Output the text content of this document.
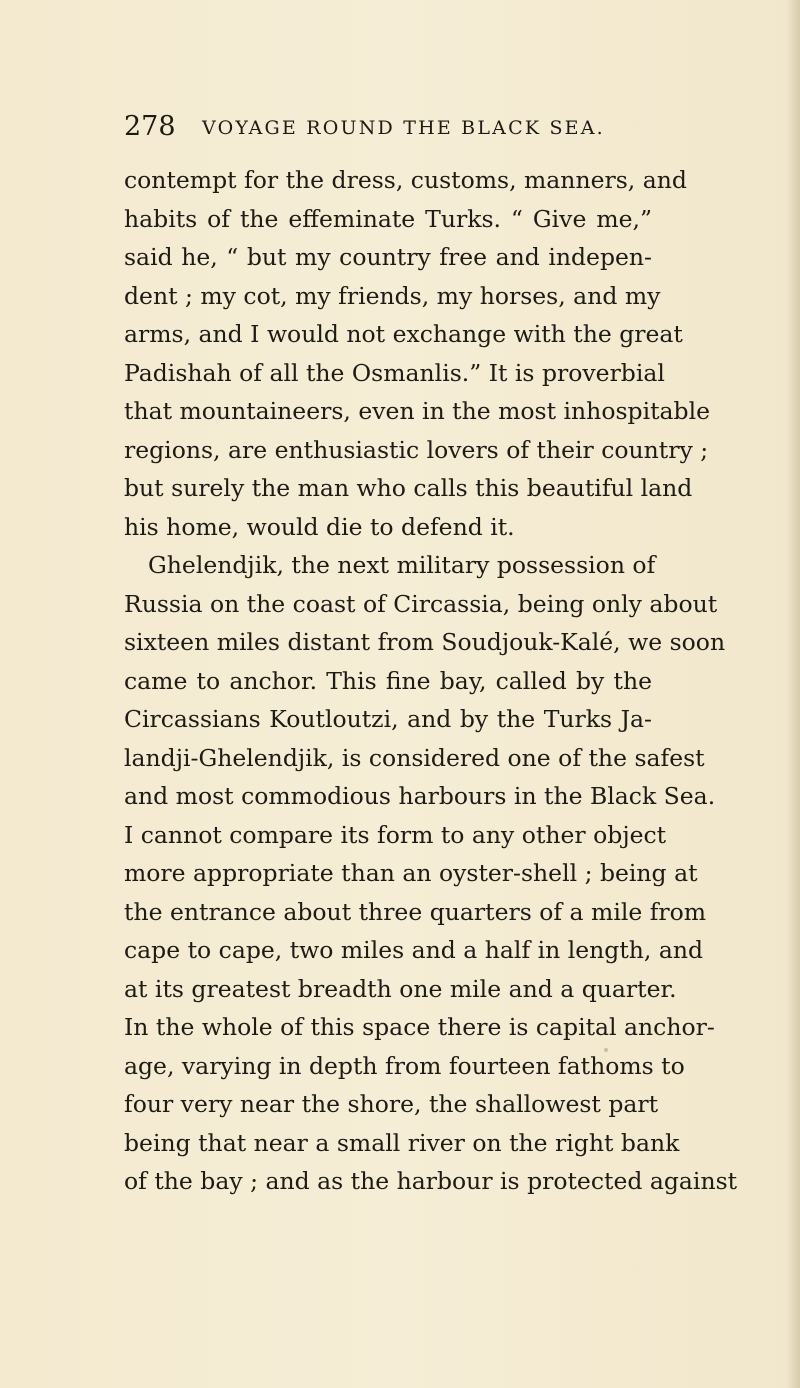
278 VOYAGE ROUND THE BLACK SEA.
contempt for the dress, customs, manners, and
habits of the effeminate Turks. “ Give me,”
said he, “ but my country free and indepen-
dent ; my cot, my friends, my horses, and my
arms, and I would not exchange with the great
Padishah of all the Osmanlis.” It is proverbial
that mountaineers, even in the most inhospitable
regions, are enthusiastic lovers of their country ;
but surely the man who calls this beautiful land
his home, would die to defend it.
Ghelendjik, the next military possession of
Russia on the coast of Circassia, being only about
sixteen miles distant from Soudjouk-Kalé, we soon
came to anchor. This fine bay, called by the
Circassians Koutloutzi, and by the Turks Ja-
landji-Ghelendjik, is considered one of the safest
and most commodious harbours in the Black Sea.
I cannot compare its form to any other object
more appropriate than an oyster-shell ; being at
the entrance about three quarters of a mile from
cape to cape, two miles and a half in length, and
at its greatest breadth one mile and a quarter.
In the whole of this space there is capital anchor-
age, varying in depth from fourteen fathoms to
four very near the shore, the shallowest part
being that near a small river on the right bank
of the bay ; and as the harbour is protected against
